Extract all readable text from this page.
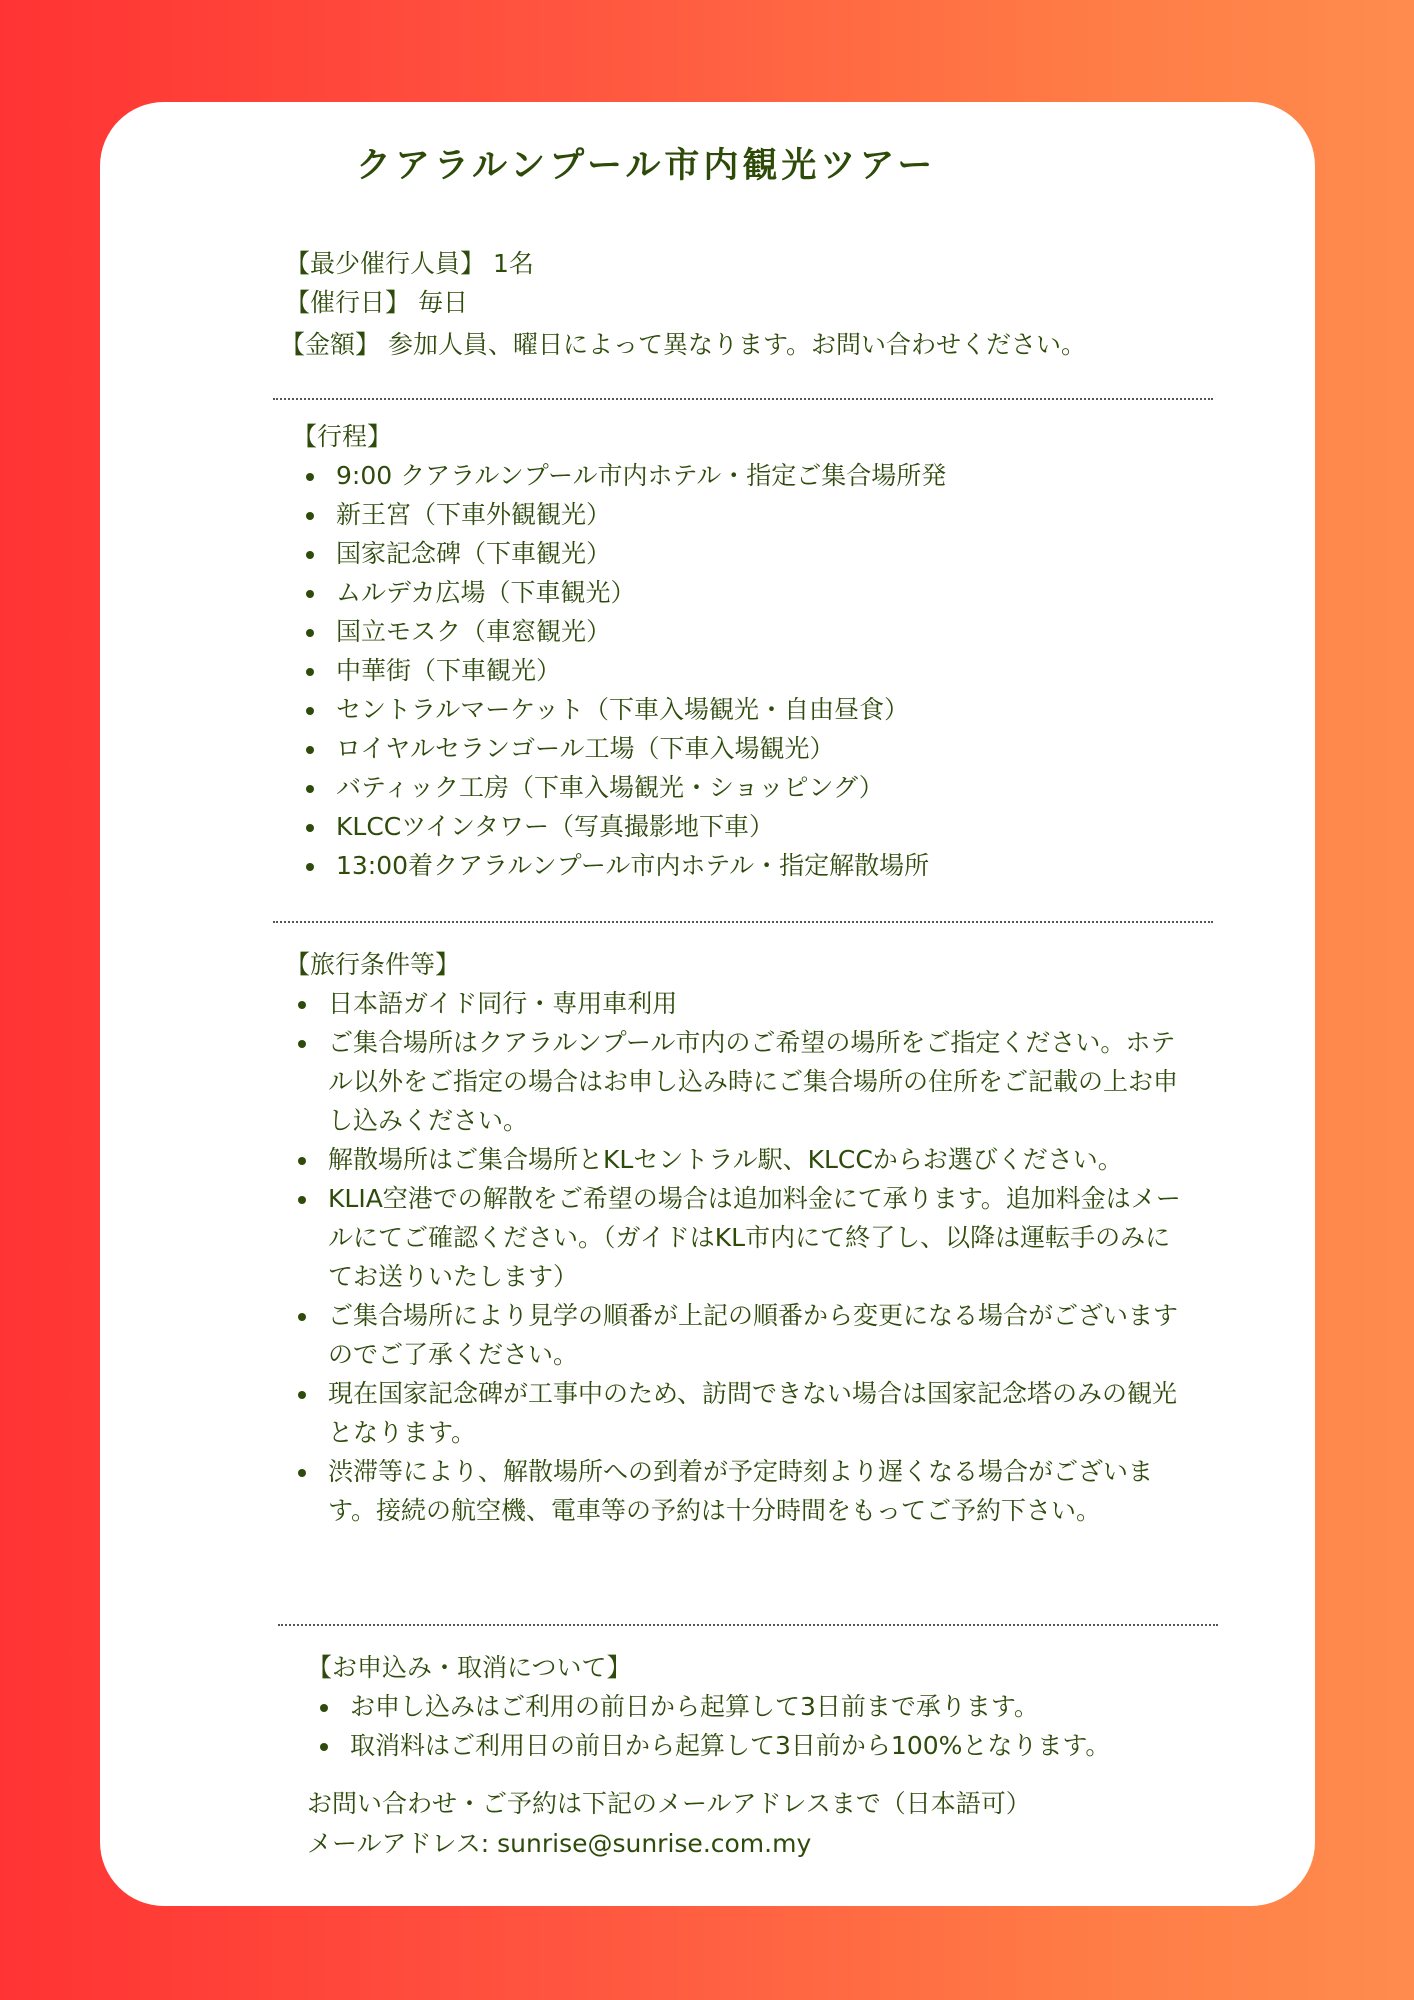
クアラルンプール市内観光ツアー
【最少催行人員】 1名
【催行日】 毎日
【金額】 参加人員、曜日によって異なります。お問い合わせください。
【行程】
9:00 クアラルンプール市内ホテル・指定ご集合場所発
新王宮（下車外観観光）
国家記念碑（下車観光）
ムルデカ広場（下車観光）
国立モスク（車窓観光）
中華街（下車観光）
セントラルマーケット（下車入場観光・自由昼食）
ロイヤルセランゴール工場（下車入場観光）
バティック工房（下車入場観光・ショッピング）
KLCCツインタワー（写真撮影地下車）
13:00着クアラルンプール市内ホテル・指定解散場所
【旅行条件等】
日本語ガイド同行・専用車利用
ご集合場所はクアラルンプール市内のご希望の場所をご指定ください。ホテル以外をご指定の場合はお申し込み時にご集合場所の住所をご記載の上お申し込みください。
解散場所はご集合場所とKLセントラル駅、KLCCからお選びください。
KLIA空港での解散をご希望の場合は追加料金にて承ります。追加料金はメールにてご確認ください。（ガイドはKL市内にて終了し、以降は運転手のみにてお送りいたします）
ご集合場所により見学の順番が上記の順番から変更になる場合がございますのでご了承ください。
現在国家記念碑が工事中のため、訪問できない場合は国家記念塔のみの観光となります。
渋滞等により、解散場所への到着が予定時刻より遅くなる場合がございます。接続の航空機、電車等の予約は十分時間をもってご予約下さい。
【お申込み・取消について】
お申し込みはご利用の前日から起算して3日前まで承ります。
取消料はご利用日の前日から起算して3日前から100%となります。
お問い合わせ・ご予約は下記のメールアドレスまで（日本語可）
メールアドレス: sunrise@sunrise.com.my
